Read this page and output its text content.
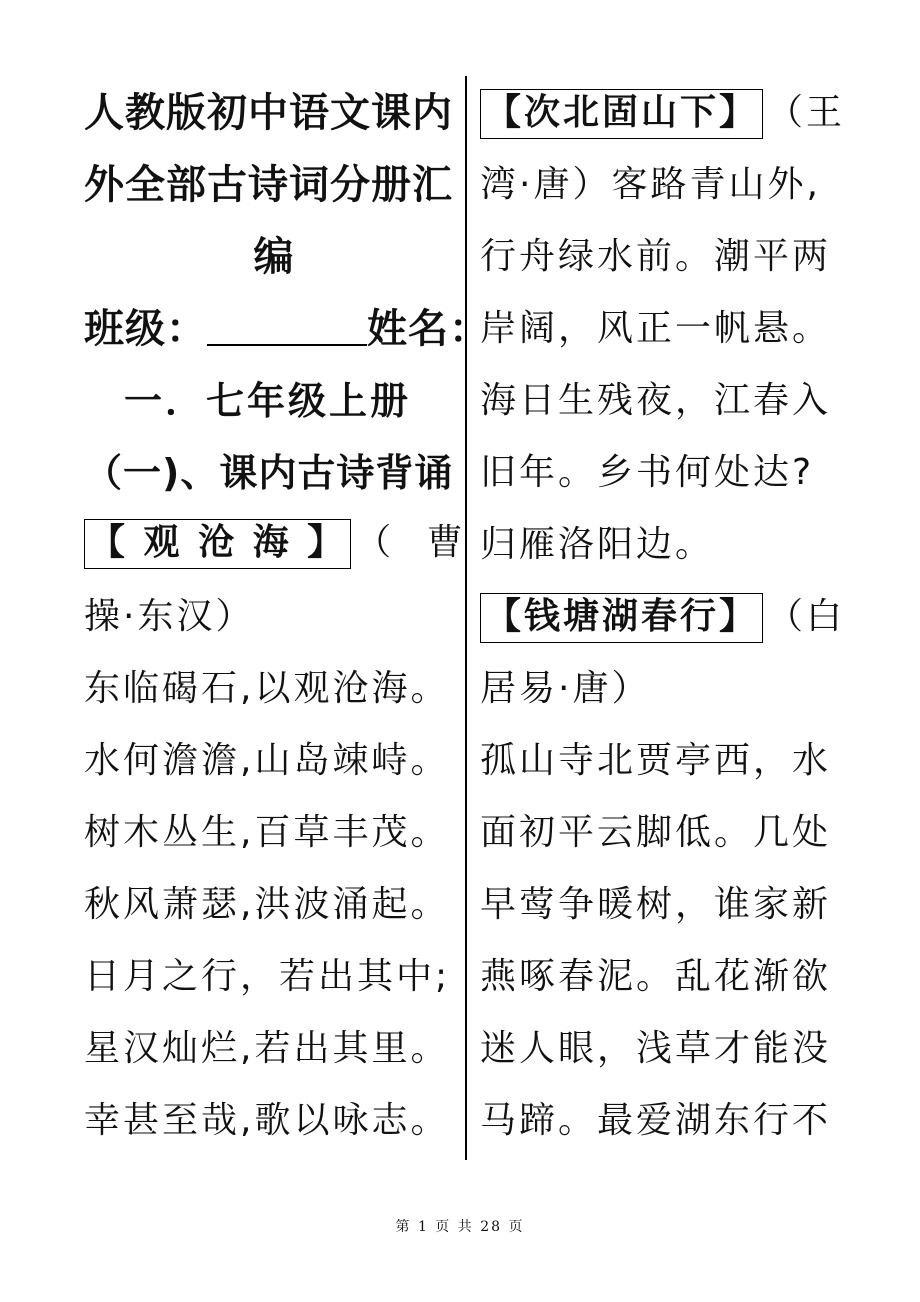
人教版初中语文课内
外全部古诗词分册汇
编
班级：	姓名：
一．七年级上册
（一)、课内古诗背诵
【 观 沧 海 】 （ 曹
操·东汉）
东临碣石,以观沧海。
水何澹澹,山岛竦峙。
树木丛生,百草丰茂。
秋风萧瑟,洪波涌起。
日月之行，若出其中;
星汉灿烂,若出其里。
幸甚至哉,歌以咏志。
【次北固山下】 （王
湾·唐）客路青山外,
行舟绿水前。潮平两
岸阔，风正一帆悬。
海日生残夜，江春入
旧年。乡书何处达?
归雁洛阳边。
【钱塘湖春行】 （白
居易·唐）
孤山寺北贾亭西，水
面初平云脚低。几处
早莺争暖树，谁家新
燕啄春泥。乱花渐欲
迷人眼，浅草才能没
马蹄。最爱湖东行不
第 1 页 共 28 页
